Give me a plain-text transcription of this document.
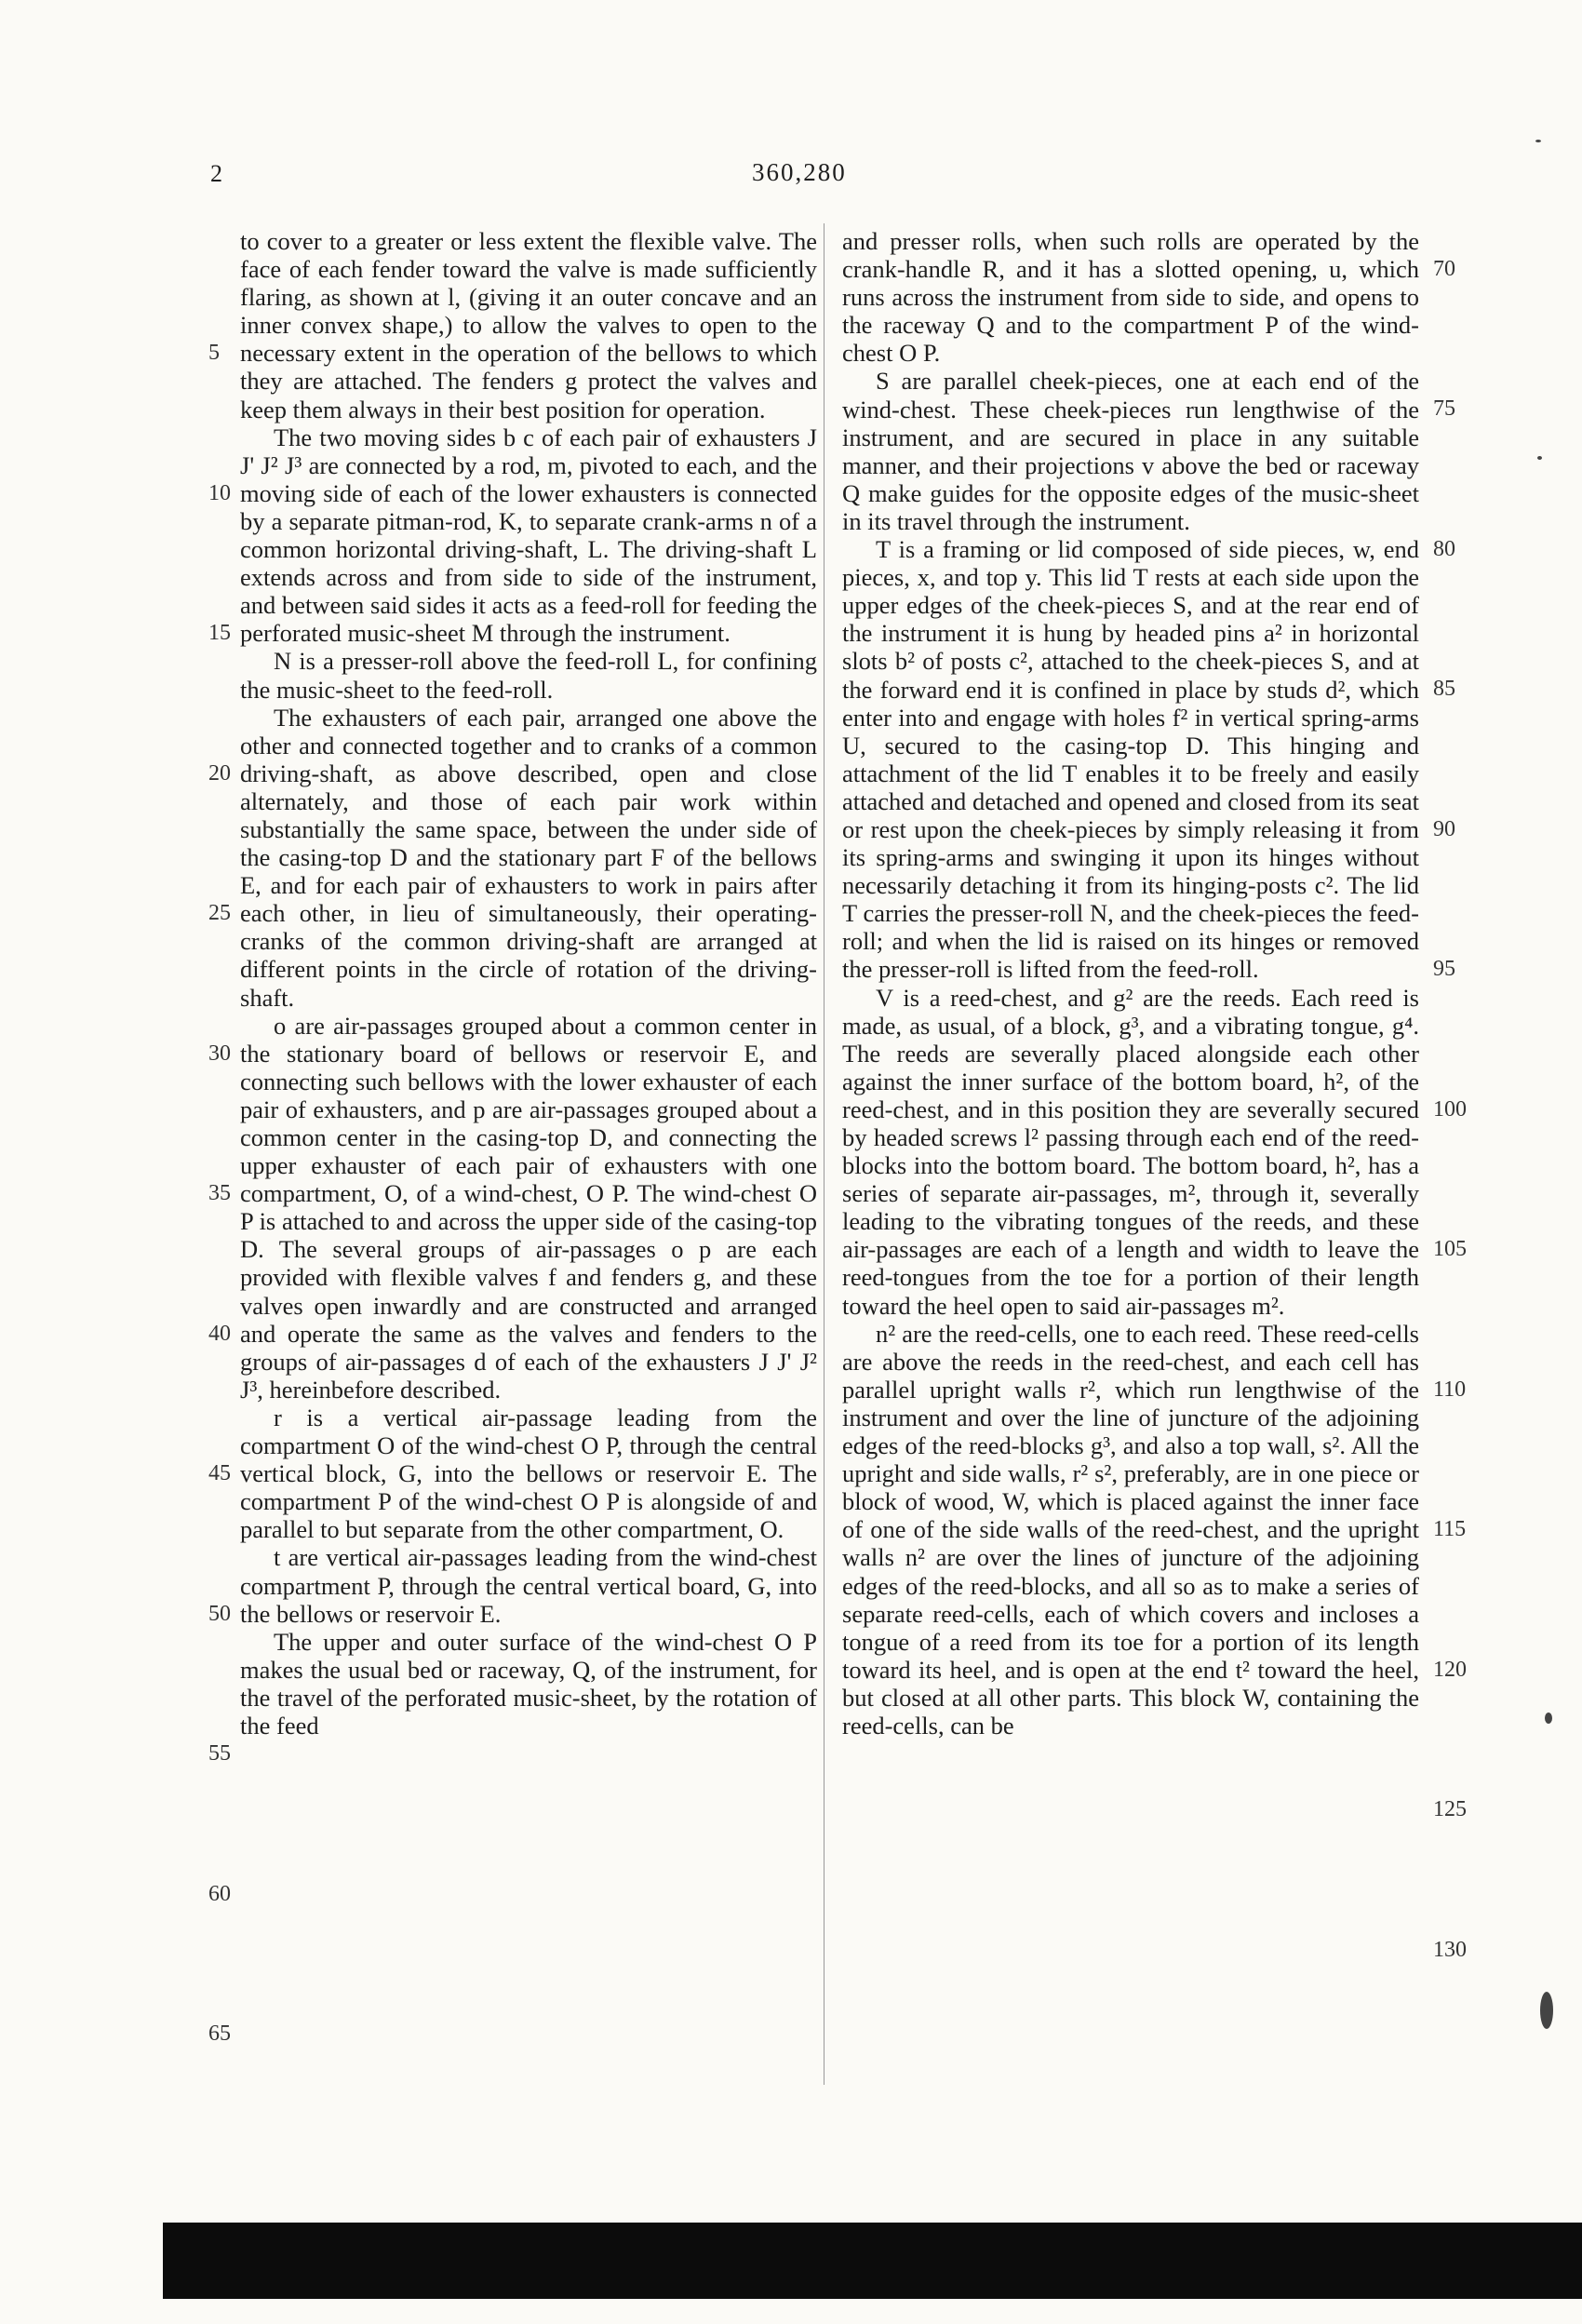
2	360,280

to cover to a greater or less extent the flexible valve. The face of each fender toward the valve is made sufficiently flaring, as shown at l, (giving it an outer concave and an inner convex shape,) to allow the valves to open to the necessary extent in the operation of the bellows to which they are attached. The fenders g protect the valves and keep them always in their best position for operation.

The two moving sides b c of each pair of exhausters J J' J² J³ are connected by a rod, m, pivoted to each, and the moving side of each of the lower exhausters is connected by a separate pitman-rod, K, to separate crank-arms n of a common horizontal driving-shaft, L. The driving-shaft L extends across and from side to side of the instrument, and between said sides it acts as a feed-roll for feeding the perforated music-sheet M through the instrument.

N is a presser-roll above the feed-roll L, for confining the music-sheet to the feed-roll.

The exhausters of each pair, arranged one above the other and connected together and to cranks of a common driving-shaft, as above described, open and close alternately, and those of each pair work within substantially the same space, between the under side of the casing-top D and the stationary part F of the bellows E, and for each pair of exhausters to work in pairs after each other, in lieu of simultaneously, their operating-cranks of the common driving-shaft are arranged at different points in the circle of rotation of the driving-shaft.

o are air-passages grouped about a common center in the stationary board of bellows or reservoir E, and connecting such bellows with the lower exhauster of each pair of exhausters, and p are air-passages grouped about a common center in the casing-top D, and connecting the upper exhauster of each pair of exhausters with one compartment, O, of a wind-chest, O P. The wind-chest O P is attached to and across the upper side of the casing-top D. The several groups of air-passages o p are each provided with flexible valves f and fenders g, and these valves open inwardly and are constructed and arranged and operate the same as the valves and fenders to the groups of air-passages d of each of the exhausters J J' J² J³, hereinbefore described.

r is a vertical air-passage leading from the compartment O of the wind-chest O P, through the central vertical block, G, into the bellows or reservoir E. The compartment P of the wind-chest O P is alongside of and parallel to but separate from the other compartment, O.

t are vertical air-passages leading from the wind-chest compartment P, through the central vertical board, G, into the bellows or reservoir E.

The upper and outer surface of the wind-chest O P makes the usual bed or raceway, Q, of the instrument, for the travel of the perforated music-sheet, by the rotation of the feed

and presser rolls, when such rolls are operated by the crank-handle R, and it has a slotted opening, u, which runs across the instrument from side to side, and opens to the raceway Q and to the compartment P of the wind-chest O P.

S are parallel cheek-pieces, one at each end of the wind-chest. These cheek-pieces run lengthwise of the instrument, and are secured in place in any suitable manner, and their projections v above the bed or raceway Q make guides for the opposite edges of the music-sheet in its travel through the instrument.

T is a framing or lid composed of side pieces, w, end pieces, x, and top y. This lid T rests at each side upon the upper edges of the cheek-pieces S, and at the rear end of the instrument it is hung by headed pins a² in horizontal slots b² of posts c², attached to the cheek-pieces S, and at the forward end it is confined in place by studs d², which enter into and engage with holes f² in vertical spring-arms U, secured to the casing-top D. This hinging and attachment of the lid T enables it to be freely and easily attached and detached and opened and closed from its seat or rest upon the cheek-pieces by simply releasing it from its spring-arms and swinging it upon its hinges without necessarily detaching it from its hinging-posts c². The lid T carries the presser-roll N, and the cheek-pieces the feed-roll; and when the lid is raised on its hinges or removed the presser-roll is lifted from the feed-roll.

V is a reed-chest, and g² are the reeds. Each reed is made, as usual, of a block, g³, and a vibrating tongue, g⁴. The reeds are severally placed alongside each other against the inner surface of the bottom board, h², of the reed-chest, and in this position they are severally secured by headed screws l² passing through each end of the reed-blocks into the bottom board. The bottom board, h², has a series of separate air-passages, m², through it, severally leading to the vibrating tongues of the reeds, and these air-passages are each of a length and width to leave the reed-tongues from the toe for a portion of their length toward the heel open to said air-passages m².

n² are the reed-cells, one to each reed. These reed-cells are above the reeds in the reed-chest, and each cell has parallel upright walls r², which run lengthwise of the instrument and over the line of juncture of the adjoining edges of the reed-blocks g³, and also a top wall, s². All the upright and side walls, r² s², preferably, are in one piece or block of wood, W, which is placed against the inner face of one of the side walls of the reed-chest, and the upright walls n² are over the lines of juncture of the adjoining edges of the reed-blocks, and all so as to make a series of separate reed-cells, each of which covers and incloses a tongue of a reed from its toe for a portion of its length toward its heel, and is open at the end t² toward the heel, but closed at all other parts. This block W, containing the reed-cells, can be

5
10
15
20
25
30
35
40
45
50
55
60
65
70
75
80
85
90
95
100
105
110
115
120
125
130
